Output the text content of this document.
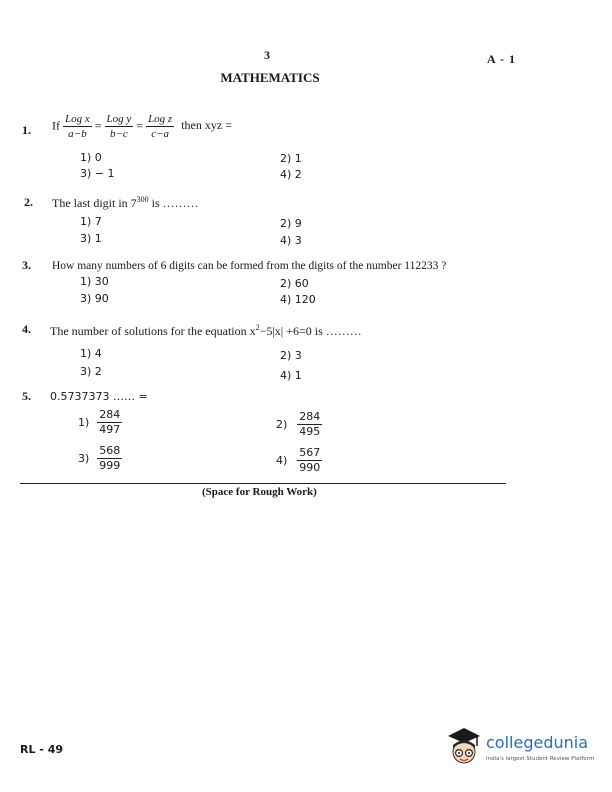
3	A - 1
MATHEMATICS
1. If $\frac{\text{Log x}}{a-b} = \frac{\text{Log y}}{b-c} = \frac{\text{Log z}}{c-a}$ then xyz =
1) 0	2) 1
3) − 1	4) 2
2. The last digit in $7^{300}$ is ………
1) 7	2) 9
3) 1	4) 3
3. How many numbers of 6 digits can be formed from the digits of the number 112233 ?
1) 30	2) 60
3) 90	4) 120
4. The number of solutions for the equation $x^2-5|x| +6=0$ is ………
1) 4	2) 3
3) 2	4) 1
5. 0.5737373 …… =
$1) \frac{284}{497}$	$2) \frac{284}{495}$
$3) \frac{568}{999}$	$4) \frac{567}{990}$
(Space for Rough Work)
RL - 49	collegedunia
India's largest Student Review Platform
